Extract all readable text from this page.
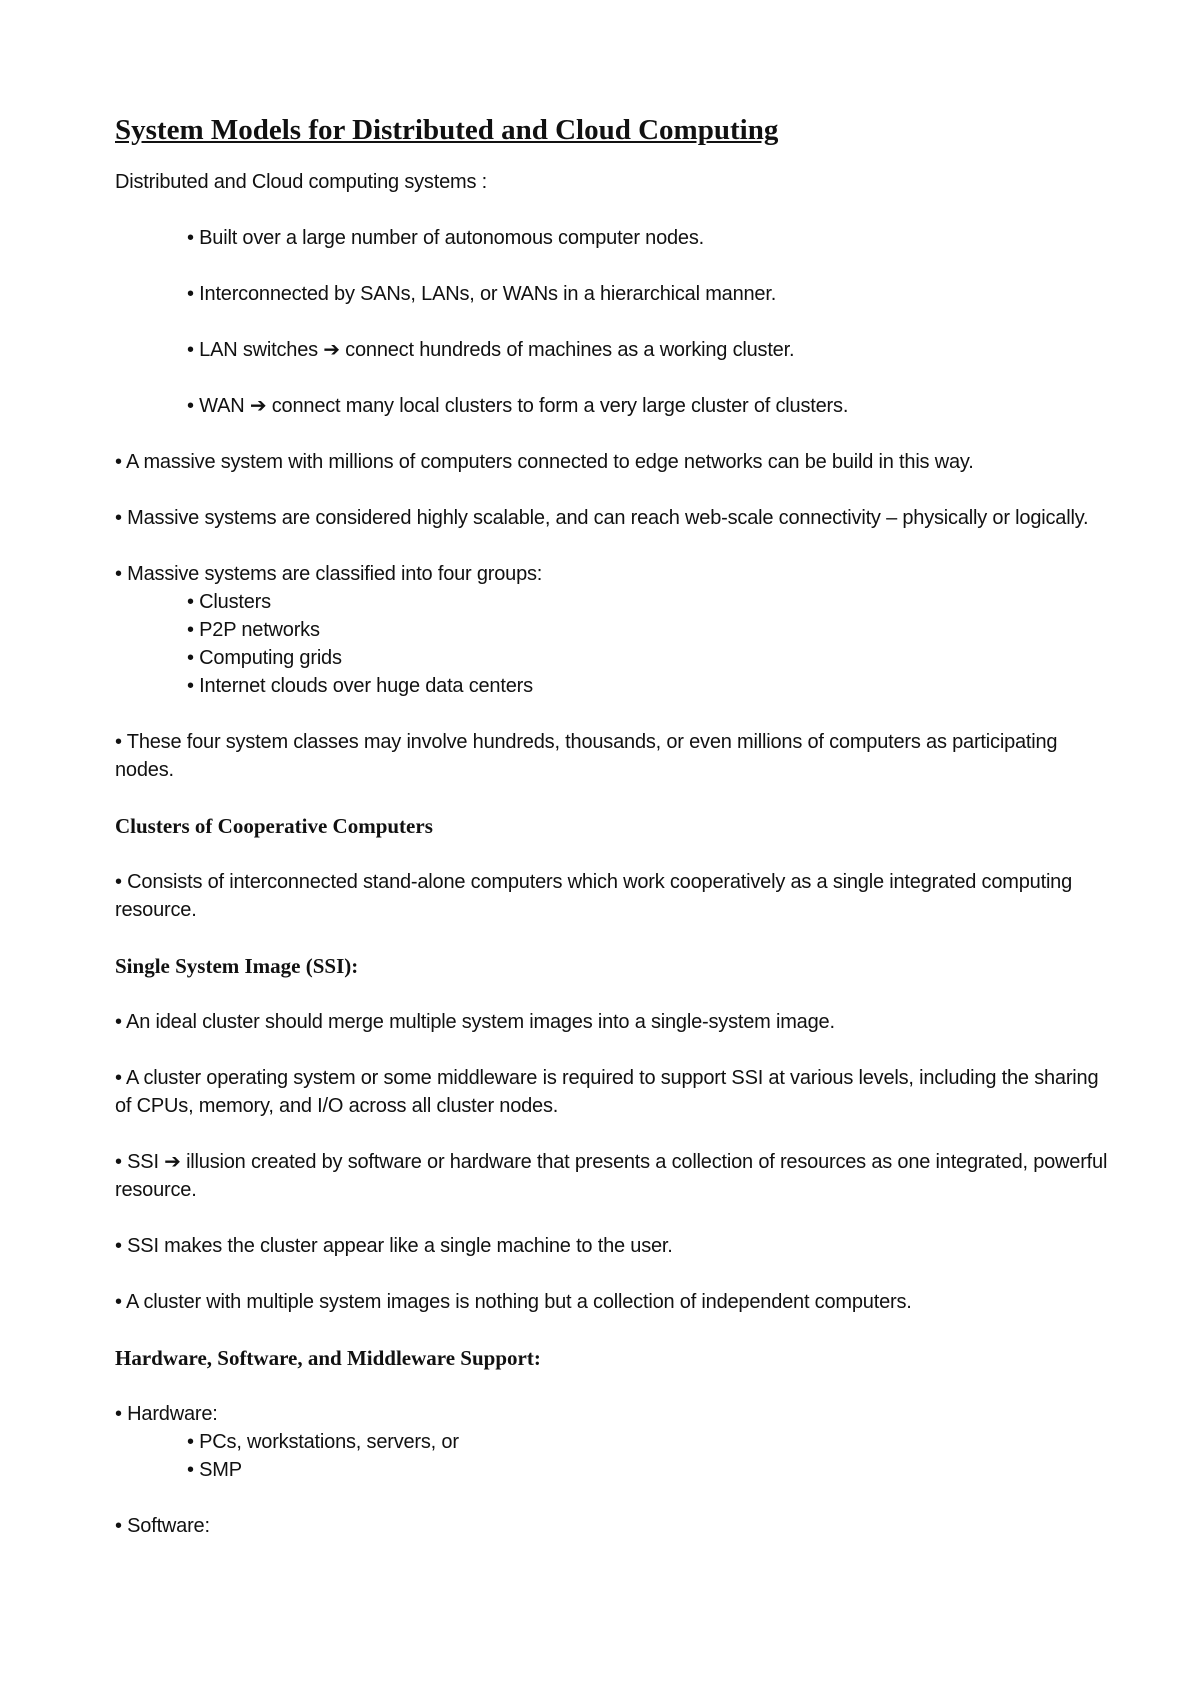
System Models for Distributed and Cloud Computing
Distributed and Cloud computing systems :
• Built over a large number of autonomous computer nodes.
• Interconnected by SANs, LANs, or WANs in a hierarchical manner.
• LAN switches ➔ connect hundreds of machines as a working cluster.
• WAN ➔ connect many local clusters to form a very large cluster of clusters.
• A massive system with millions of computers connected to edge networks can be build in this way.
• Massive systems are considered highly scalable, and can reach web-scale connectivity – physically or logically.
• Massive systems are classified into four groups:
• Clusters
• P2P networks
• Computing grids
• Internet clouds over huge data centers
• These four system classes may involve hundreds, thousands, or even millions of computers as participating nodes.
Clusters of Cooperative Computers
• Consists of interconnected stand-alone computers which work cooperatively as a single integrated computing resource.
Single System Image (SSI):
• An ideal cluster should merge multiple system images into a single-system image.
• A cluster operating system or some middleware is required to support SSI at various levels, including the sharing of CPUs, memory, and I/O across all cluster nodes.
• SSI ➔ illusion created by software or hardware that presents a collection of resources as one integrated, powerful resource.
• SSI makes the cluster appear like a single machine to the user.
• A cluster with multiple system images is nothing but a collection of independent computers.
Hardware, Software, and Middleware Support:
• Hardware:
• PCs, workstations, servers, or
• SMP
• Software:
